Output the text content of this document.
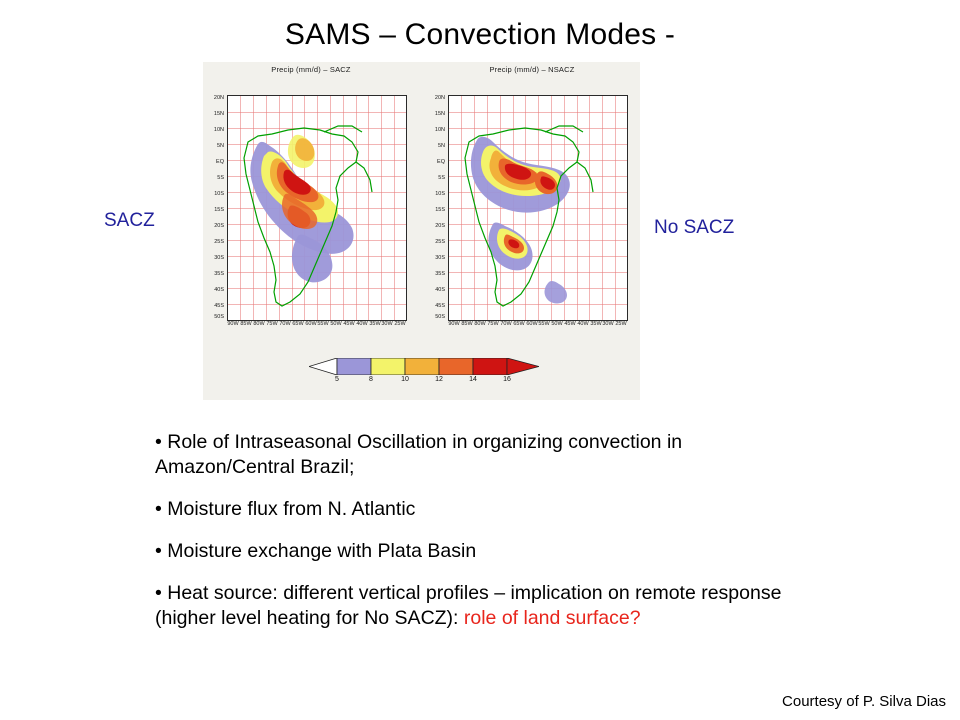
SAMS – Convection Modes -
Precip (mm/d) – SACZ
20N
15N
10N
5N
EQ
5S
10S
15S
20S
25S
30S
35S
40S
45S
50S
90W 85W 80W 75W 70W 65W 60W 55W 50W 45W 40W 35W 30W 25W
Precip (mm/d) – NSACZ
20N
15N
10N
5N
EQ
5S
10S
15S
20S
25S
30S
35S
40S
45S
50S
90W 85W 80W 75W 70W 65W 60W 55W 50W 45W 40W 35W 30W 25W
5	8	10	12	14	16
SACZ	No SACZ
• Role of Intraseasonal Oscillation in organizing convection in Amazon/Central Brazil;
• Moisture flux from N. Atlantic
• Moisture exchange with Plata Basin
• Heat source: different vertical profiles – implication on remote response (higher level heating for No SACZ): role of land surface?
Courtesy of P. Silva Dias
